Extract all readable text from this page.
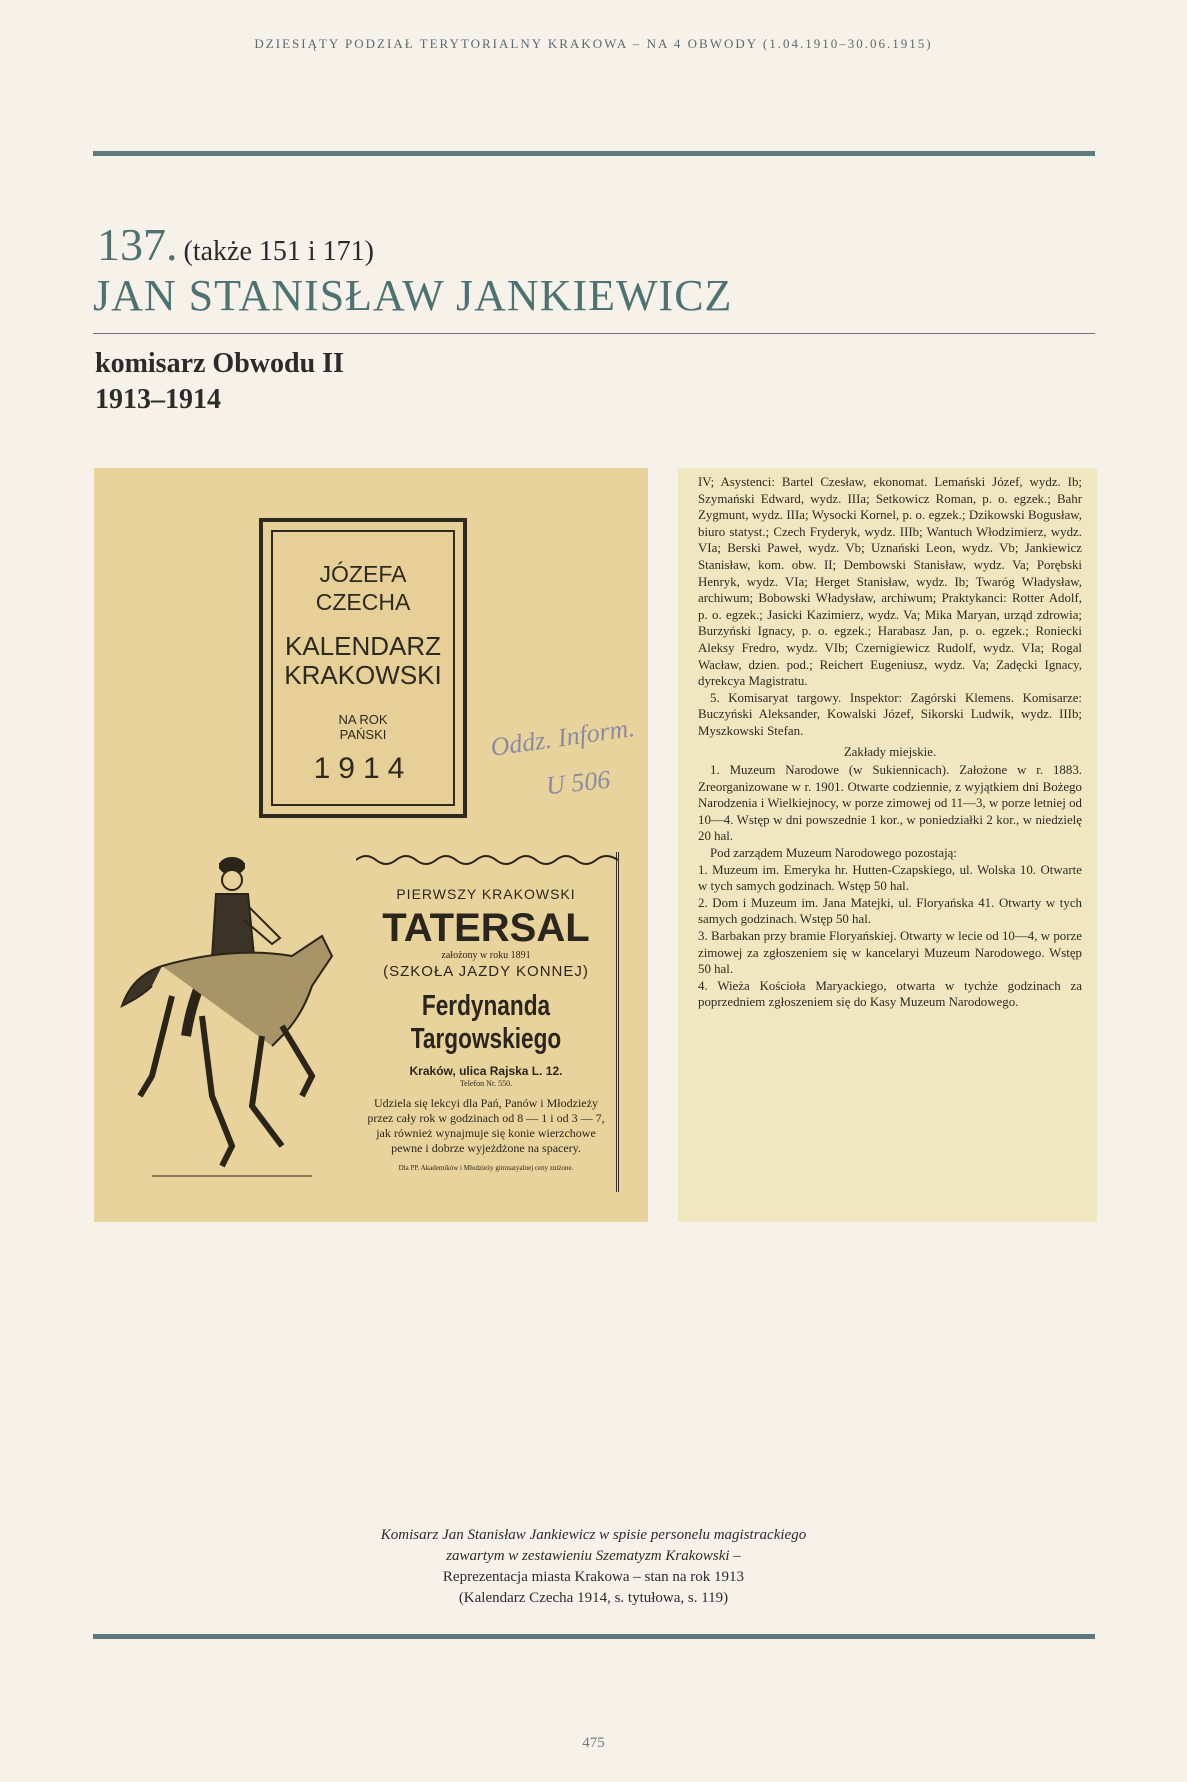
DZIESIĄTY PODZIAŁ TERYTORIALNY KRAKOWA – NA 4 OBWODY (1.04.1910–30.06.1915)
137. (także 151 i 171)
JAN STANISŁAW JANKIEWICZ
komisarz Obwodu II
1913–1914
JÓZEFA
CZECHA
KALENDARZ
KRAKOWSKI
NA ROK
PAŃSKI
1914
Oddz. Inform.
U 506
PIERWSZY KRAKOWSKI
TATERSAL
założony w roku 1891
(SZKOŁA JAZDY KONNEJ)
Ferdynanda Targowskiego
Kraków, ulica Rajska L. 12.
Telefon Nr. 550.
Udziela się lekcyi dla Pań, Panów i Młodzieży przez cały rok w godzinach od 8 — 1 i od 3 — 7, jak również wynajmuje się konie wierzchowe pewne i dobrze wyjeżdżone na spacery.
Dla PP. Akademików i Młodzieży gimnazyalnej ceny zniżone.

IV; Asystenci: Bartel Czesław, ekonomat. Lemański Józef, wydz. Ib; Szymański Edward, wydz. IIIa; Setkowicz Roman, p. o. egzek.; Bahr Zygmunt, wydz. IIIa; Wysocki Kornel, p. o. egzek.; Dzikowski Bogusław, biuro statyst.; Czech Fryderyk, wydz. IIIb; Wantuch Włodzimierz, wydz. VIa; Berski Paweł, wydz. Vb; Uznański Leon, wydz. Vb; Jankiewicz Stanisław, kom. obw. II; Dembowski Stanisław, wydz. Va; Porębski Henryk, wydz. VIa; Herget Stanisław, wydz. Ib; Twaróg Władysław, archiwum; Bobowski Władysław, archiwum; Praktykanci: Rotter Adolf, p. o. egzek.; Jasicki Kazimierz, wydz. Va; Mika Maryan, urząd zdrowia; Burzyński Ignacy, p. o. egzek.; Harabasz Jan, p. o. egzek.; Roniecki Aleksy Fredro, wydz. VIb; Czernigiewicz Rudolf, wydz. VIa; Rogal Wacław, dzien. pod.; Reichert Eugeniusz, wydz. Va; Zadęcki Ignacy, dyrekcya Magistratu.

5. Komisaryat targowy. Inspektor: Zagórski Klemens. Komisarze: Buczyński Aleksander, Kowalski Józef, Sikorski Ludwik, wydz. IIIb; Myszkowski Stefan.

Zakłady miejskie.

1. Muzeum Narodowe (w Sukiennicach). Założone w r. 1883. Zreorganizowane w r. 1901. Otwarte codziennie, z wyjątkiem dni Bożego Narodzenia i Wielkiejnocy, w porze zimowej od 11—3, w porze letniej od 10—4. Wstęp w dni powszednie 1 kor., w poniedziałki 2 kor., w niedzielę 20 hal.

Pod zarządem Muzeum Narodowego pozostają:

1. Muzeum im. Emeryka hr. Hutten-Czapskiego, ul. Wolska 10. Otwarte w tych samych godzinach. Wstęp 50 hal.

2. Dom i Muzeum im. Jana Matejki, ul. Floryańska 41. Otwarty w tych samych godzinach. Wstęp 50 hal.

3. Barbakan przy bramie Floryańskiej. Otwarty w lecie od 10—4, w porze zimowej za zgłoszeniem się w kancelaryi Muzeum Narodowego. Wstęp 50 hal.

4. Wieża Kościoła Maryackiego, otwarta w tychże godzinach za poprzedniem zgłoszeniem się do Kasy Muzeum Narodowego.

Komisarz Jan Stanisław Jankiewicz w spisie personelu magistrackiego

zawartym w zestawieniu Szematyzm Krakowski –

Reprezentacja miasta Krakowa – stan na rok 1913

(Kalendarz Czecha 1914, s. tytułowa, s. 119)

475
